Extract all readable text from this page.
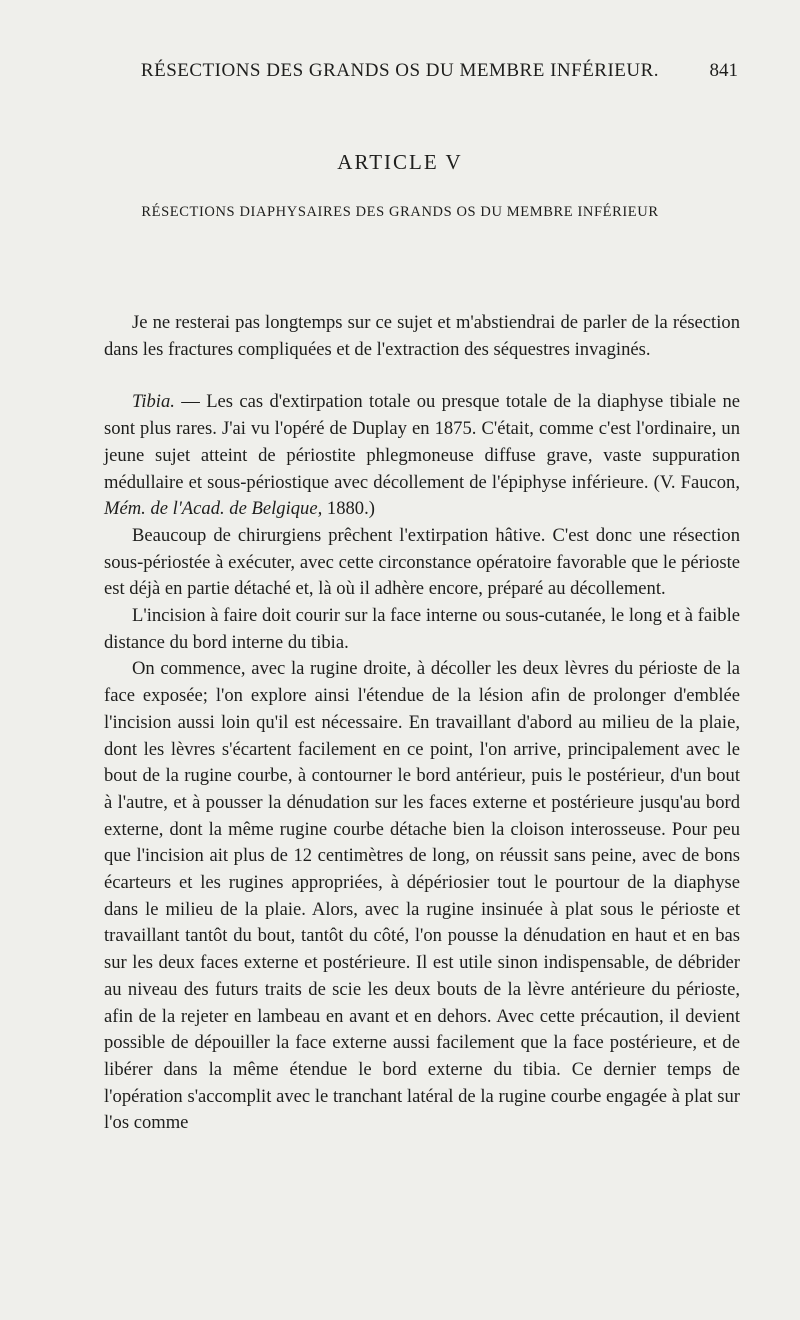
RÉSECTIONS DES GRANDS OS DU MEMBRE INFÉRIEUR.	841
ARTICLE V
RÉSECTIONS DIAPHYSAIRES DES GRANDS OS DU MEMBRE INFÉRIEUR

Je ne resterai pas longtemps sur ce sujet et m'abstiendrai de parler de la résection dans les fractures compliquées et de l'extraction des séquestres invaginés.

Tibia. — Les cas d'extirpation totale ou presque totale de la diaphyse tibiale ne sont plus rares. J'ai vu l'opéré de Duplay en 1875. C'était, comme c'est l'ordinaire, un jeune sujet atteint de périostite phlegmoneuse diffuse grave, vaste suppuration médullaire et sous-périostique avec décollement de l'épiphyse inférieure. (V. Faucon, Mém. de l'Acad. de Belgique, 1880.)

Beaucoup de chirurgiens prêchent l'extirpation hâtive. C'est donc une résection sous-périostée à exécuter, avec cette circonstance opératoire favorable que le périoste est déjà en partie détaché et, là où il adhère encore, préparé au décollement.

L'incision à faire doit courir sur la face interne ou sous-cutanée, le long et à faible distance du bord interne du tibia.

On commence, avec la rugine droite, à décoller les deux lèvres du périoste de la face exposée; l'on explore ainsi l'étendue de la lésion afin de prolonger d'emblée l'incision aussi loin qu'il est nécessaire. En travaillant d'abord au milieu de la plaie, dont les lèvres s'écartent facilement en ce point, l'on arrive, principalement avec le bout de la rugine courbe, à contourner le bord antérieur, puis le postérieur, d'un bout à l'autre, et à pousser la dénudation sur les faces externe et postérieure jusqu'au bord externe, dont la même rugine courbe détache bien la cloison interosseuse. Pour peu que l'incision ait plus de 12 centimètres de long, on réussit sans peine, avec de bons écarteurs et les rugines appropriées, à dépériosier tout le pourtour de la diaphyse dans le milieu de la plaie. Alors, avec la rugine insinuée à plat sous le périoste et travaillant tantôt du bout, tantôt du côté, l'on pousse la dénudation en haut et en bas sur les deux faces externe et postérieure. Il est utile sinon indispensable, de débrider au niveau des futurs traits de scie les deux bouts de la lèvre antérieure du périoste, afin de la rejeter en lambeau en avant et en dehors. Avec cette précaution, il devient possible de dépouiller la face externe aussi facilement que la face postérieure, et de libérer dans la même étendue le bord externe du tibia. Ce dernier temps de l'opération s'accomplit avec le tranchant latéral de la rugine courbe engagée à plat sur l'os comme
